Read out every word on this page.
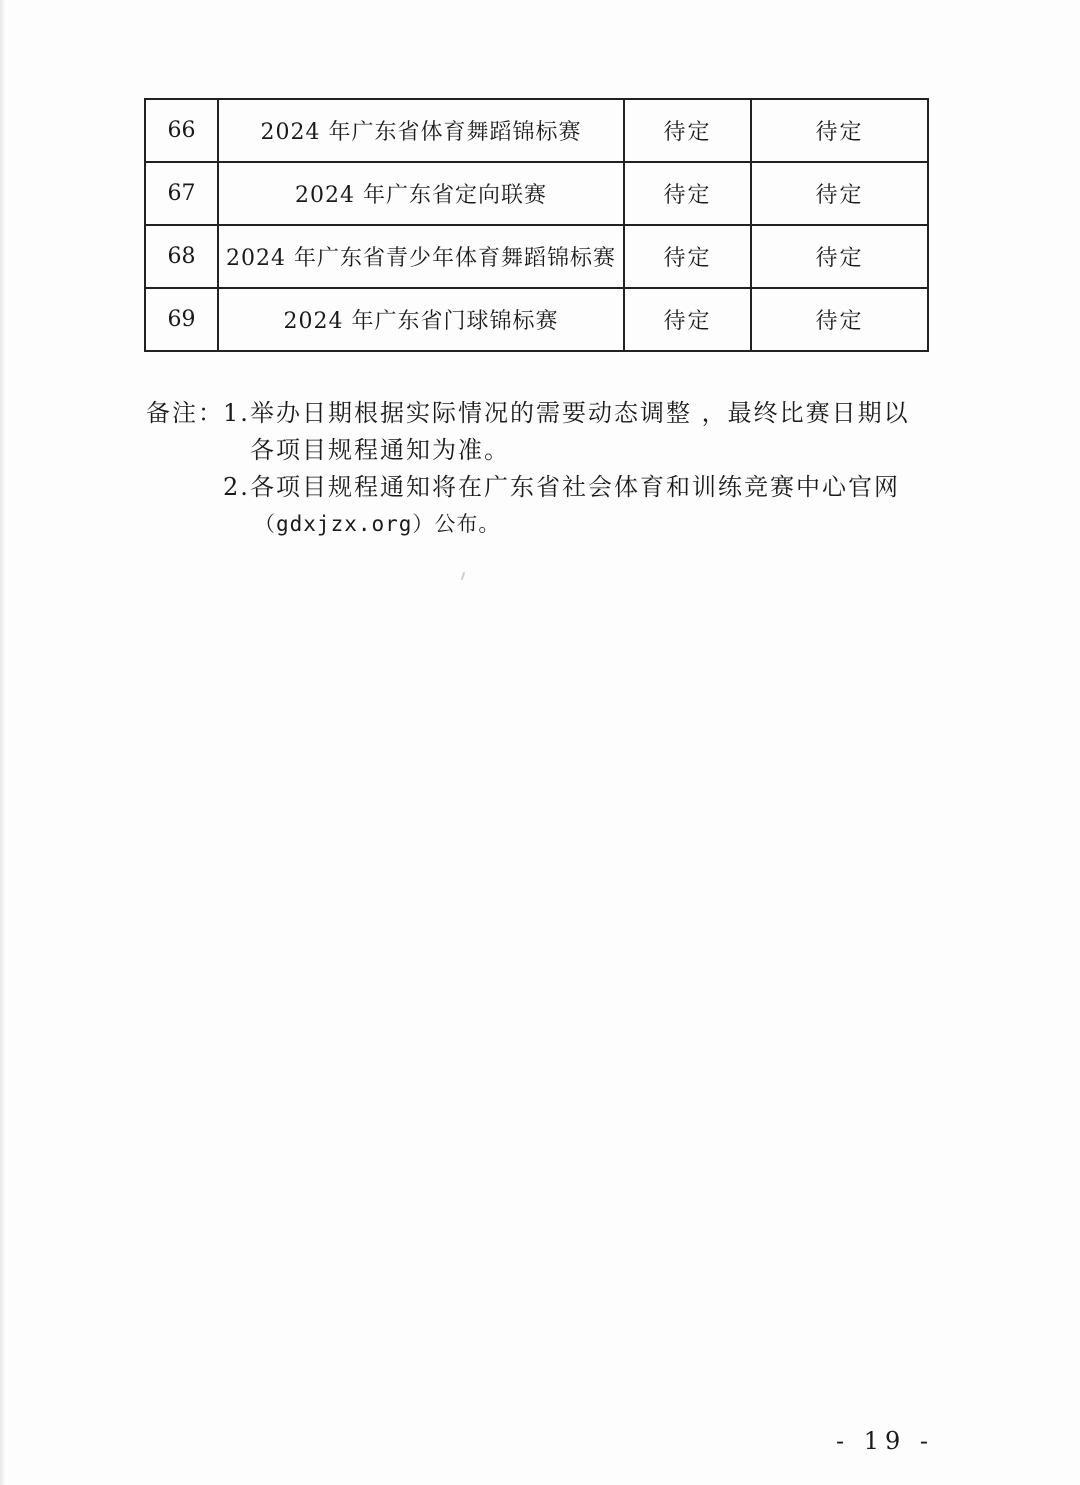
66	2024 年广东省体育舞蹈锦标赛	待定	待定
67	2024 年广东省定向联赛	待定	待定
68	2024 年广东省青少年体育舞蹈锦标赛	待定	待定
69	2024 年广东省门球锦标赛	待定	待定
备注： 1. 举办日期根据实际情况的需要动态调整 ，最终比赛日期以
各项目规程通知为准。
2. 各项目规程通知将在广东省社会体育和训练竞赛中心官网
（gdxjzx.org）公布。
- 19 -
